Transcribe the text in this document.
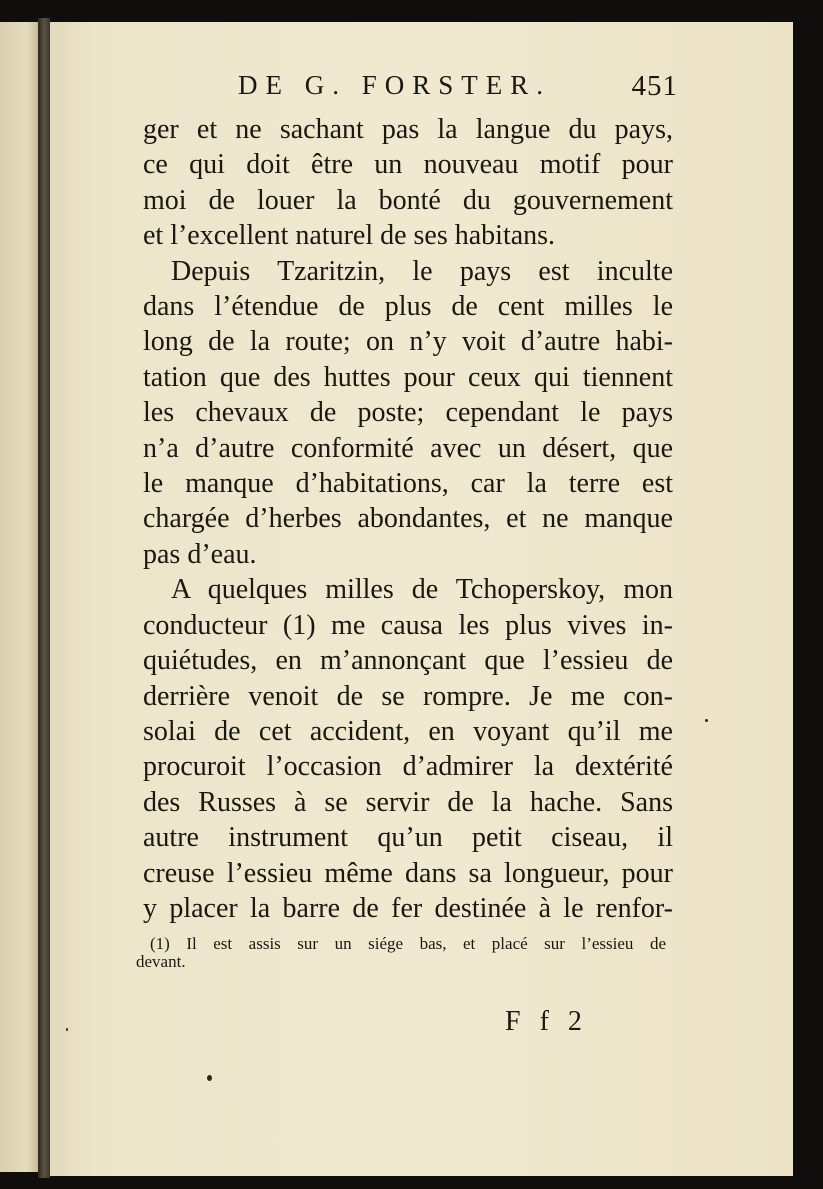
DE G. FORSTER.	451
ger et ne sachant pas la langue du pays,
ce qui doit être un nouveau motif pour
moi de louer la bonté du gouvernement
et l’excellent naturel de ses habitans.
Depuis Tzaritzin, le pays est inculte
dans l’étendue de plus de cent milles le
long de la route; on n’y voit d’autre habi-
tation que des huttes pour ceux qui tiennent
les chevaux de poste; cependant le pays
n’a d’autre conformité avec un désert, que
le manque d’habitations, car la terre est
chargée d’herbes abondantes, et ne manque
pas d’eau.
A quelques milles de Tchoperskoy, mon
conducteur (1) me causa les plus vives in-
quiétudes, en m’annonçant que l’essieu de
derrière venoit de se rompre. Je me con-
solai de cet accident, en voyant qu’il me
procuroit l’occasion d’admirer la dextérité
des Russes à se servir de la hache. Sans
autre instrument qu’un petit ciseau, il
creuse l’essieu même dans sa longueur, pour
y placer la barre de fer destinée à le renfor-
(1) Il est assis sur un siége bas, et placé sur l’essieu de
devant.
F f 2
